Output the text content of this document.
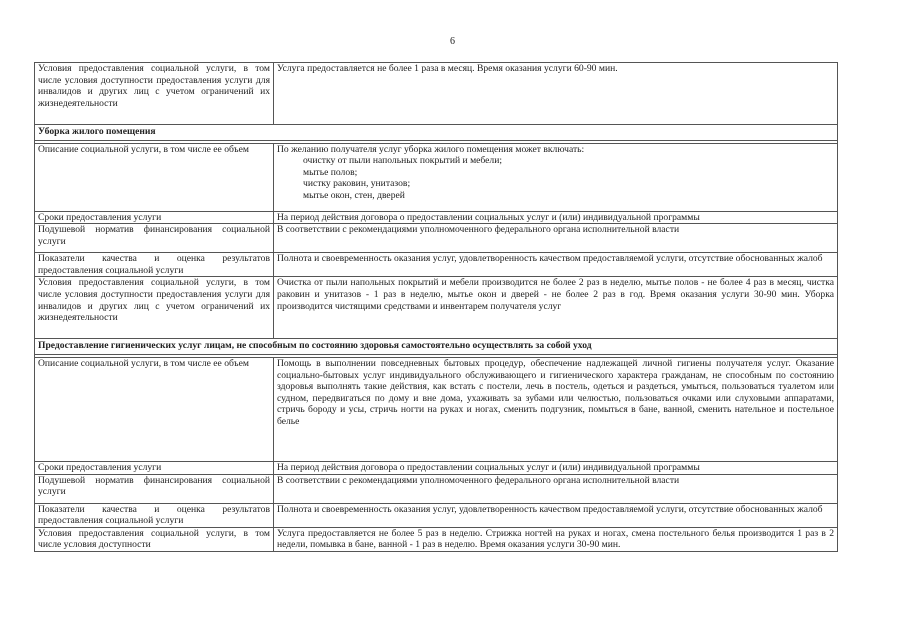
6
Условия предоставления социальной услуги, в том числе условия доступности предоставления услуги для инвалидов и других лиц с учетом ограничений их жизнедеятельности	Услуга предоставляется не более 1 раза в месяц. Время оказания услуги 60-90 мин.
Уборка жилого помещения	

Описание социальной услуги, в том числе ее объем	По желанию получателя услуг уборка жилого помещения может включать:
очистку от пыли напольных покрытий и мебели;
мытье полов;
чистку раковин, унитазов;
мытье окон, стен, дверей

Сроки предоставления услуги	На период действия договора о предоставлении социальных услуг и (или) индивидуальной программы
Подушевой норматив финансирования социальной услуги	В соответствии с рекомендациями уполномоченного федерального органа исполнительной власти
Показатели качества и оценка результатов предоставления социальной услуги	Полнота и своевременность оказания услуг, удовлетворенность качеством предоставляемой услуги, отсутствие обоснованных жалоб
Условия предоставления социальной услуги, в том числе условия доступности предоставления услуги для инвалидов и других лиц с учетом ограничений их жизнедеятельности	Очистка от пыли напольных покрытий и мебели производится не более 2 раз в неделю, мытье полов - не более 4 раз в месяц, чистка раковин и унитазов - 1 раз в неделю, мытье окон и дверей - не более 2 раз в год. Время оказания услуги 30-90 мин. Уборка производится чистящими средствами и инвентарем получателя услуг
Предоставление гигиенических услуг лицам, не способным по состоянию здоровья самостоятельно осуществлять за собой уход	

Описание социальной услуги, в том числе ее объем	Помощь в выполнении повседневных бытовых процедур, обеспечение надлежащей личной гигиены получателя услуг. Оказание социально-бытовых услуг индивидуального обслуживающего и гигиенического характера гражданам, не способным по состоянию здоровья выполнять такие действия, как встать с постели, лечь в постель, одеться и раздеться, умыться, пользоваться туалетом или судном, передвигаться по дому и вне дома, ухаживать за зубами или челюстью, пользоваться очками или слуховыми аппаратами, стричь бороду и усы, стричь ногти на руках и ногах, сменить подгузник, помыться в бане, ванной, сменить нательное и постельное белье
Сроки предоставления услуги	На период действия договора о предоставлении социальных услуг и (или) индивидуальной программы
Подушевой норматив финансирования социальной услуги	В соответствии с рекомендациями уполномоченного федерального органа исполнительной власти
Показатели качества и оценка результатов предоставления социальной услуги	Полнота и своевременность оказания услуг, удовлетворенность качеством предоставляемой услуги, отсутствие обоснованных жалоб
Условия предоставления социальной услуги, в том числе условия доступности	Услуга предоставляется не более 5 раз в неделю. Стрижка ногтей на руках и ногах, смена постельного белья производится 1 раз в 2 недели, помывка в бане, ванной - 1 раз в неделю. Время оказания услуги 30-90 мин.
